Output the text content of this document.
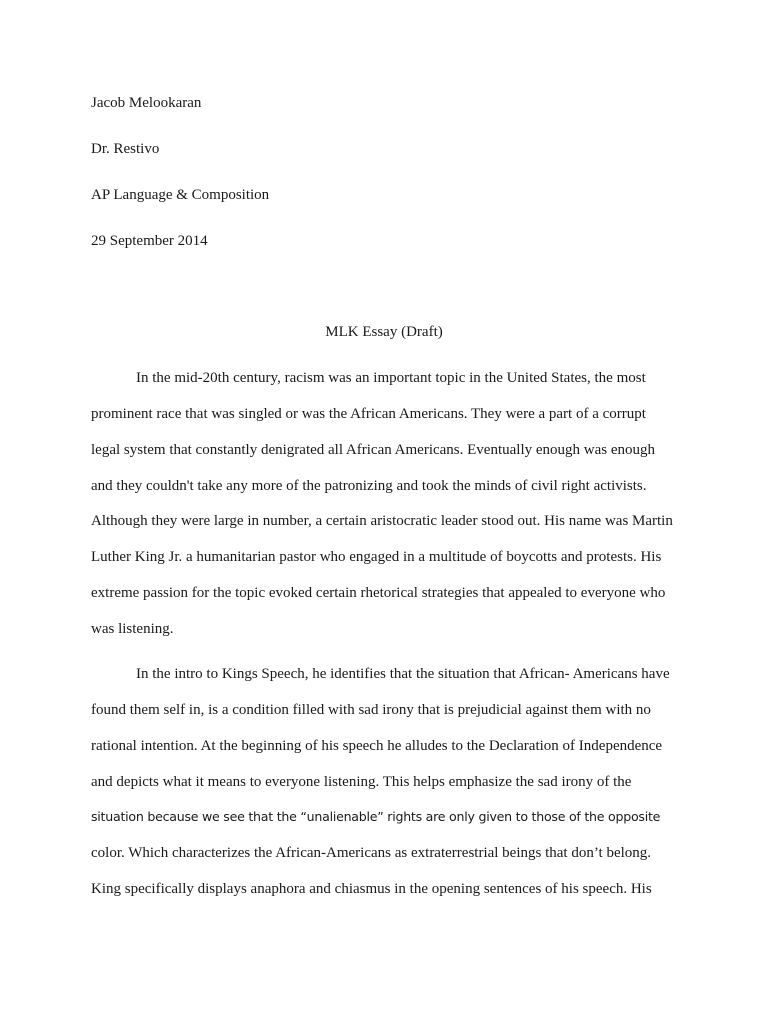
Jacob Melookaran
Dr. Restivo
AP Language & Composition
29 September 2014
MLK Essay (Draft)
In the mid-20th century, racism was an important topic in the United States, the most
prominent race that was singled or was the African Americans. They were a part of a corrupt
legal system that constantly denigrated all African Americans. Eventually enough was enough
and they couldn't take any more of the patronizing and took the minds of civil right activists.
Although they were large in number, a certain aristocratic leader stood out. His name was Martin
Luther King Jr. a humanitarian pastor who engaged in a multitude of boycotts and protests. His
extreme passion for the topic evoked certain rhetorical strategies that appealed to everyone who
was listening.
In the intro to Kings Speech, he identifies that the situation that African- Americans have
found them self in, is a condition filled with sad irony that is prejudicial against them with no
rational intention. At the beginning of his speech he alludes to the Declaration of Independence
and depicts what it means to everyone listening. This helps emphasize the sad irony of the
situation because we see that the “unalienable” rights are only given to those of the opposite
color. Which characterizes the African-Americans as extraterrestrial beings that don’t belong.
King specifically displays anaphora and chiasmus in the opening sentences of his speech. His
